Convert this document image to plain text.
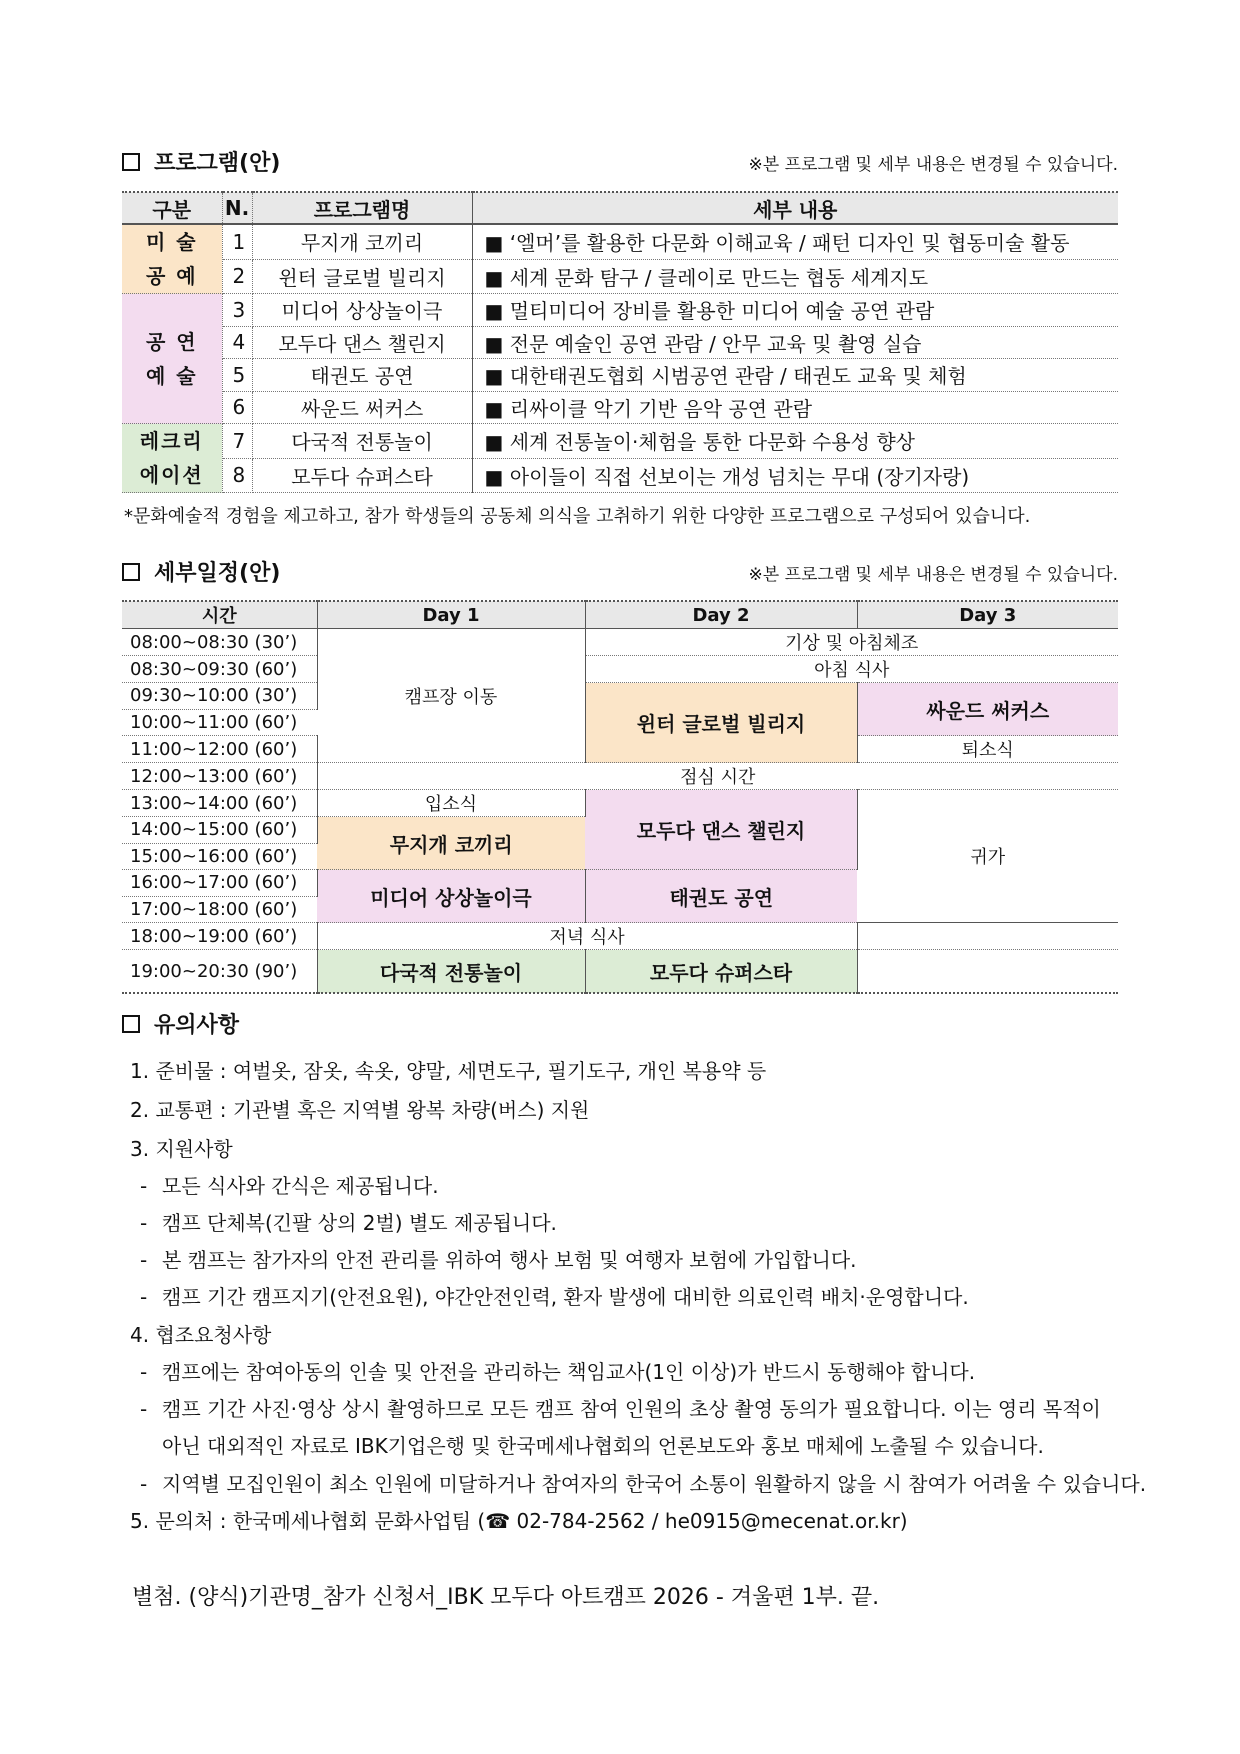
프로그램(안)	※본 프로그램 및 세부 내용은 변경될 수 있습니다.
구분	N.	프로그램명	세부 내용
미 술
공 예	1	무지개 코끼리	■ ‘엘머’를 활용한 다문화 이해교육 / 패턴 디자인 및 협동미술 활동
	2	윈터 글로벌 빌리지	■ 세계 문화 탐구 / 클레이로 만드는 협동 세계지도
공 연
예 술	3	미디어 상상놀이극	■ 멀티미디어 장비를 활용한 미디어 예술 공연 관람
	4	모두다 댄스 챌린지	■ 전문 예술인 공연 관람 / 안무 교육 및 촬영 실습
	5	태권도 공연	■ 대한태권도협회 시범공연 관람 / 태권도 교육 및 체험
	6	싸운드 써커스	■ 리싸이클 악기 기반 음악 공연 관람
레크리
에이션	7	다국적 전통놀이	■ 세계 전통놀이·체험을 통한 다문화 수용성 향상
	8	모두다 슈퍼스타	■ 아이들이 직접 선보이는 개성 넘치는 무대 (장기자랑)
*문화예술적 경험을 제고하고, 참가 학생들의 공동체 의식을 고취하기 위한 다양한 프로그램으로 구성되어 있습니다.
세부일정(안)	※본 프로그램 및 세부 내용은 변경될 수 있습니다.
시간	Day 1	Day 2	Day 3
08:00~08:30 (30’)	캠프장 이동	기상 및 아침체조	
08:30~09:30 (60’)		아침 식사	
09:30~10:00 (30’)		윈터 글로벌 빌리지	싸운드 써커스
10:00~11:00 (60’)			
11:00~12:00 (60’)			퇴소식
12:00~13:00 (60’)	점심 시간		
13:00~14:00 (60’)	입소식	모두다 댄스 챌린지	귀가
14:00~15:00 (60’)	무지개 코끼리		
15:00~16:00 (60’)			
16:00~17:00 (60’)	미디어 상상놀이극	태권도 공연	
17:00~18:00 (60’)			
18:00~19:00 (60’)	저녁 식사		
19:00~20:30 (90’)	다국적 전통놀이	모두다 슈퍼스타	
유의사항
1. 준비물 : 여벌옷, 잠옷, 속옷, 양말, 세면도구, 필기도구, 개인 복용약 등
2. 교통편 : 기관별 혹은 지역별 왕복 차량(버스) 지원
3. 지원사항
- 모든 식사와 간식은 제공됩니다.
- 캠프 단체복(긴팔 상의 2벌) 별도 제공됩니다.
- 본 캠프는 참가자의 안전 관리를 위하여 행사 보험 및 여행자 보험에 가입합니다.
- 캠프 기간 캠프지기(안전요원), 야간안전인력, 환자 발생에 대비한 의료인력 배치·운영합니다.
4. 협조요청사항
- 캠프에는 참여아동의 인솔 및 안전을 관리하는 책임교사(1인 이상)가 반드시 동행해야 합니다.
- 캠프 기간 사진·영상 상시 촬영하므로 모든 캠프 참여 인원의 초상 촬영 동의가 필요합니다. 이는 영리 목적이
아닌 대외적인 자료로 IBK기업은행 및 한국메세나협회의 언론보도와 홍보 매체에 노출될 수 있습니다.
- 지역별 모집인원이 최소 인원에 미달하거나 참여자의 한국어 소통이 원활하지 않을 시 참여가 어려울 수 있습니다.
5. 문의처 : 한국메세나협회 문화사업팀 (☎ 02-784-2562 / he0915@mecenat.or.kr)
별첨. (양식)기관명_참가 신청서_IBK 모두다 아트캠프 2026 - 겨울편 1부. 끝.
